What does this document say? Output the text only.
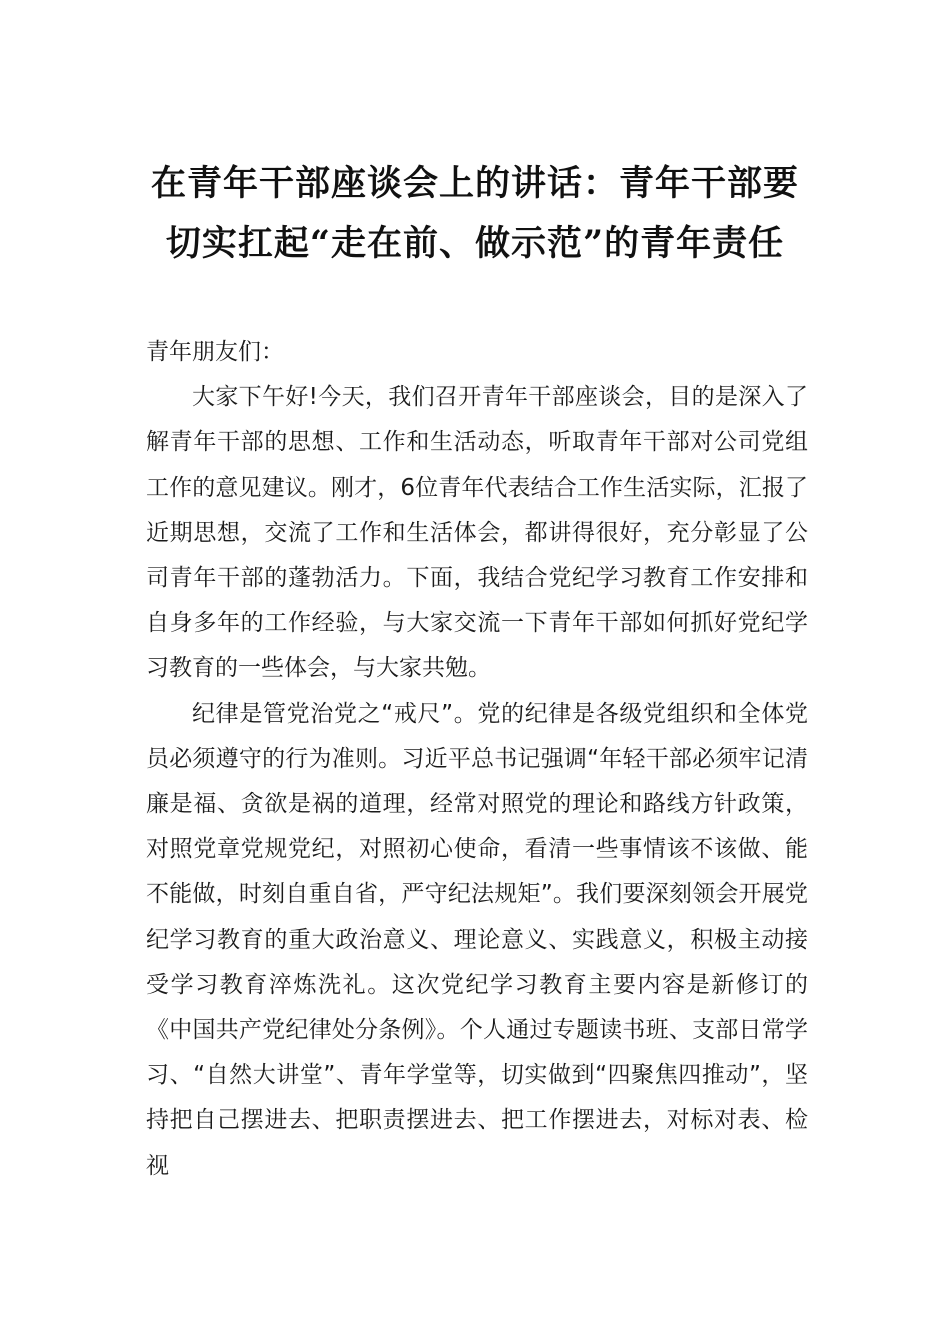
在青年干部座谈会上的讲话：青年干部要
切实扛起“走在前、做示范”的青年责任

青年朋友们：

大家下午好!今天，我们召开青年干部座谈会，目的是深入了解青年干部的思想、工作和生活动态，听取青年干部对公司党组工作的意见建议。刚才，6位青年代表结合工作生活实际，汇报了近期思想，交流了工作和生活体会，都讲得很好，充分彰显了公司青年干部的蓬勃活力。下面，我结合党纪学习教育工作安排和自身多年的工作经验，与大家交流一下青年干部如何抓好党纪学习教育的一些体会，与大家共勉。

纪律是管党治党之“戒尺”。党的纪律是各级党组织和全体党员必须遵守的行为准则。习近平总书记强调“年轻干部必须牢记清廉是福、贪欲是祸的道理，经常对照党的理论和路线方针政策，对照党章党规党纪，对照初心使命，看清一些事情该不该做、能不能做，时刻自重自省，严守纪法规矩”。我们要深刻领会开展党纪学习教育的重大政治意义、理论意义、实践意义，积极主动接受学习教育淬炼洗礼。这次党纪学习教育主要内容是新修订的《中国共产党纪律处分条例》。个人通过专题读书班、支部日常学习、“自然大讲堂”、青年学堂等，切实做到“四聚焦四推动”，坚持把自己摆进去、把职责摆进去、把工作摆进去，对标对表、检视
